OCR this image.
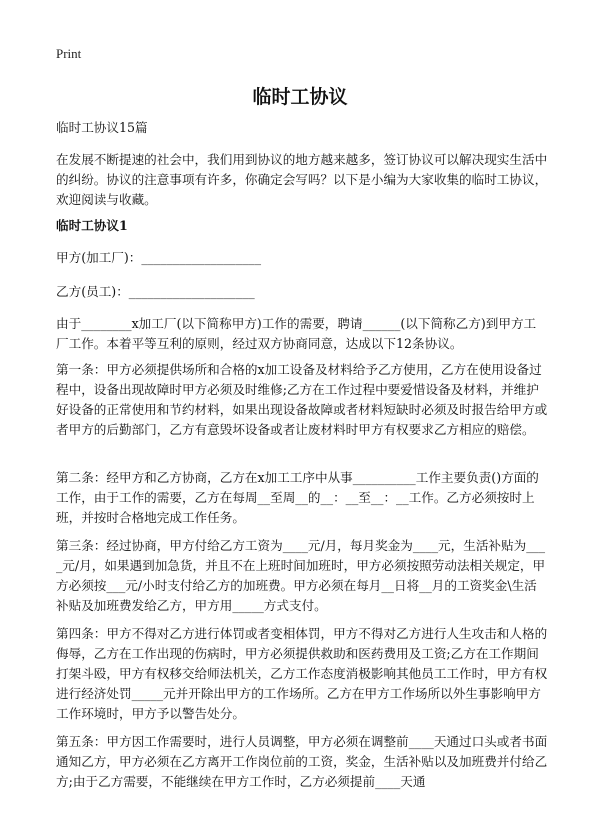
Print
临时工协议

临时工协议15篇

在发展不断提速的社会中，我们用到协议的地方越来越多，签订协议可以解决现实生活中的纠纷。协议的注意事项有许多，你确定会写吗？以下是小编为大家收集的临时工协议，欢迎阅读与收藏。

临时工协议1

甲方(加工厂)：___________________

乙方(员工)：____________________

由于________x加工厂(以下简称甲方)工作的需要，聘请______(以下简称乙方)到甲方工厂工作。本着平等互利的原则，经过双方协商同意，达成以下12条协议。

第一条：甲方必须提供场所和合格的x加工设备及材料给予乙方使用，乙方在使用设备过程中，设备出现故障时甲方必须及时维修;乙方在工作过程中要爱惜设备及材料，并维护好设备的正常使用和节约材料，如果出现设备故障或者材料短缺时必须及时报告给甲方或者甲方的后勤部门，乙方有意毁坏设备或者让废材料时甲方有权要求乙方相应的赔偿。

第二条：经甲方和乙方协商，乙方在x加工工序中从事__________工作主要负责()方面的工作，由于工作的需要，乙方在每周__至周__的__：__至__：__工作。乙方必须按时上班，并按时合格地完成工作任务。

第三条：经过协商，甲方付给乙方工资为____元/月，每月奖金为____元，生活补贴为____元/月，如果遇到加急货，并且不在上班时间加班时，甲方必须按照劳动法相关规定，甲方必须按___元/小时支付给乙方的加班费。甲方必须在每月__日将__月的工资奖金\生活补贴及加班费发给乙方，甲方用_____方式支付。

第四条：甲方不得对乙方进行体罚或者变相体罚，甲方不得对乙方进行人生攻击和人格的侮辱，乙方在工作出现的伤病时，甲方必须提供救助和医药费用及工资;乙方在工作期间打架斗殴，甲方有权移交给师法机关，乙方工作态度消极影响其他员工工作时，甲方有权进行经济处罚_____元并开除出甲方的工作场所。乙方在甲方工作场所以外生事影响甲方工作环境时，甲方予以警告处分。

第五条：甲方因工作需要时，进行人员调整，甲方必须在调整前____天通过口头或者书面通知乙方，甲方必须在乙方离开工作岗位前的工资，奖金，生活补贴以及加班费并付给乙方;由于乙方需要，不能继续在甲方工作时，乙方必须提前____天通
